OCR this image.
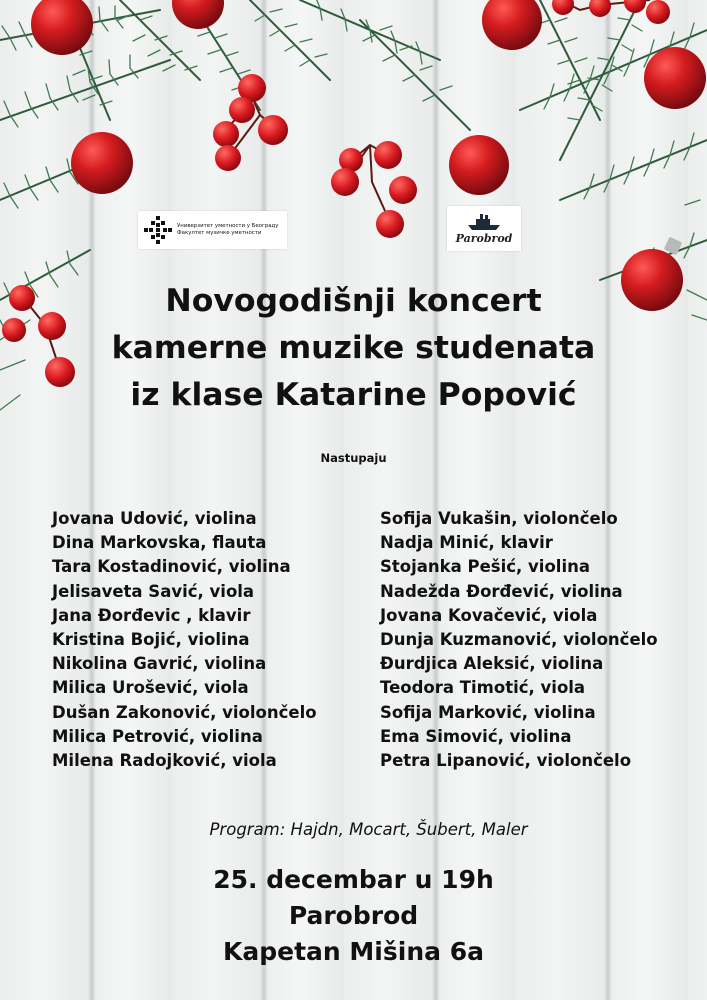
Универзитет уметности у Београду
Факултет музичке уметности	Parobrod
Novogodišnji koncert
kamerne muzike studenata
iz klase Katarine Popović
Nastupaju
Jovana Udović, violina
Dina Markovska, flauta
Tara Kostadinović, violina
Jelisaveta Savić, viola
Jana Đorđevic , klavir
Kristina Bojić, violina
Nikolina Gavrić, violina
Milica Urošević, viola
Dušan Zakonović, violončelo
Milica Petrović, violina
Milena Radojković, viola
Sofija Vukašin, violončelo
Nadja Minić, klavir
Stojanka Pešić, violina
Nadežda Đorđević, violina
Jovana Kovačević, viola
Dunja Kuzmanović, violončelo
Đurdjica Aleksić, violina
Teodora Timotić, viola
Sofija Marković, violina
Ema Simović, violina
Petra Lipanović, violončelo
Program: Hajdn, Mocart, Šubert, Maler
25. decembar u 19h
Parobrod
Kapetan Mišina 6a
